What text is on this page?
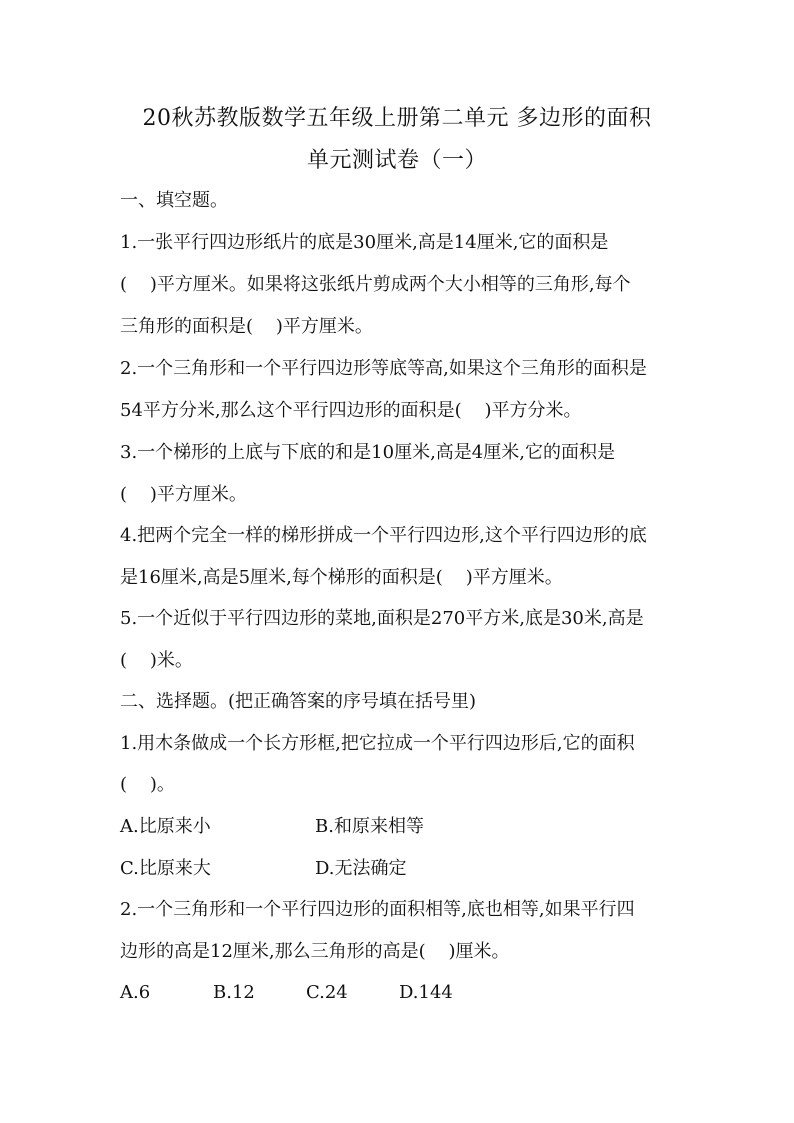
20秋苏教版数学五年级上册第二单元 多边形的面积
单元测试卷（一）
一、填空题。
1.一张平行四边形纸片的底是30厘米,高是14厘米,它的面积是
(    )平方厘米。如果将这张纸片剪成两个大小相等的三角形,每个
三角形的面积是(    )平方厘米。
2.一个三角形和一个平行四边形等底等高,如果这个三角形的面积是
54平方分米,那么这个平行四边形的面积是(    )平方分米。
3.一个梯形的上底与下底的和是10厘米,高是4厘米,它的面积是
(    )平方厘米。
4.把两个完全一样的梯形拼成一个平行四边形,这个平行四边形的底
是16厘米,高是5厘米,每个梯形的面积是(    )平方厘米。
5.一个近似于平行四边形的菜地,面积是270平方米,底是30米,高是
(    )米。
二、选择题。(把正确答案的序号填在括号里)
1.用木条做成一个长方形框,把它拉成一个平行四边形后,它的面积
(    )。
A.比原来小	B.和原来相等
C.比原来大	D.无法确定
2.一个三角形和一个平行四边形的面积相等,底也相等,如果平行四
边形的高是12厘米,那么三角形的高是(    )厘米。
A.6	B.12	C.24	D.144
